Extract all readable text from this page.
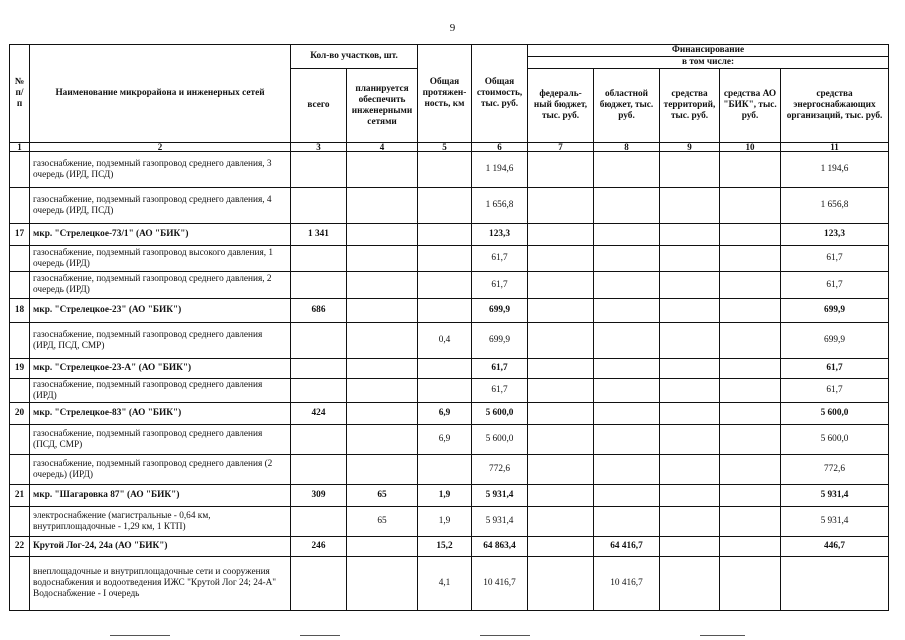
9
№ п/п	Наименование микрорайона и инженерных сетей	Кол-во участков, шт.		Общая протяжен-ность, км	Общая стоимость, тыс. руб.	Финансирование				
						в том числе:				
		всего	планируется обеспечить инженерными сетями			федераль-ный бюджет, тыс. руб.	областной бюджет, тыс. руб.	средства территорий, тыс. руб.	средства АО "БИК", тыс. руб.	средства энергоснабжающих организаций, тыс. руб.
1	2	3	4	5	6	7	8	9	10	11
	газоснабжение, подземный газопровод среднего давления, 3 очередь (ИРД, ПСД)				1 194,6					1 194,6
	газоснабжение, подземный газопровод среднего давления, 4 очередь (ИРД, ПСД)				1 656,8					1 656,8
17	мкр. "Стрелецкое-73/1" (АО "БИК")	1 341			123,3					123,3
	газоснабжение, подземный газопровод высокого давления, 1 очередь (ИРД)				61,7					61,7
	газоснабжение, подземный газопровод среднего давления, 2 очередь (ИРД)				61,7					61,7
18	мкр. "Стрелецкое-23" (АО "БИК")	686			699,9					699,9
	газоснабжение, подземный газопровод среднего давления (ИРД, ПСД, СМР)			0,4	699,9					699,9
19	мкр. "Стрелецкое-23-А" (АО "БИК")				61,7					61,7
	газоснабжение, подземный газопровод среднего давления (ИРД)				61,7					61,7
20	мкр. "Стрелецкое-83" (АО "БИК")	424		6,9	5 600,0					5 600,0
	газоснабжение, подземный газопровод среднего давления (ПСД, СМР)			6,9	5 600,0					5 600,0
	газоснабжение, подземный газопровод среднего давления (2 очередь) (ИРД)				772,6					772,6
21	мкр. "Шагаровка 87" (АО "БИК")	309	65	1,9	5 931,4					5 931,4
	электроснабжение (магистральные - 0,64 км, внутриплощадочные - 1,29 км, 1 КТП)		65	1,9	5 931,4					5 931,4
22	Крутой Лог-24, 24а (АО "БИК")	246		15,2	64 863,4		64 416,7			446,7
	внеплощадочные и внутриплощадочные сети и сооружения водоснабжения и водоотведения ИЖС "Крутой Лог 24; 24-А" Водоснабжение - I очередь			4,1	10 416,7		10 416,7			
